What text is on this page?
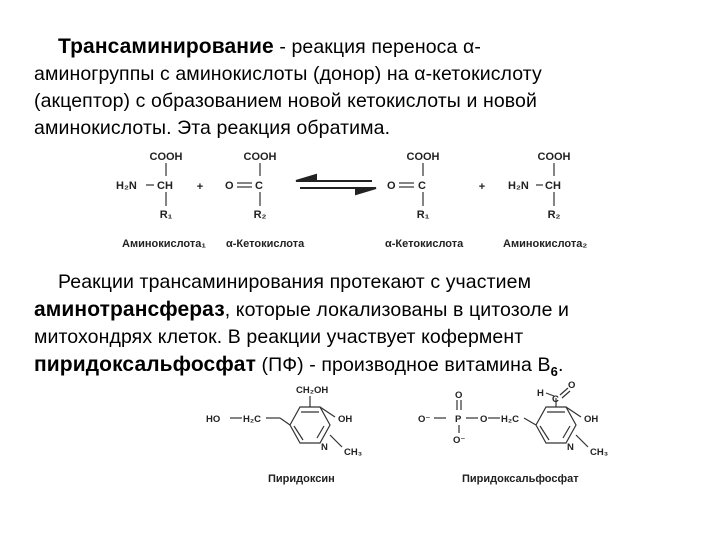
Трансаминирование - реакция переноса α-
аминогруппы с аминокислоты (донор) на α-кетокислоту
(акцептор) с образованием новой кетокислоты и новой
аминокислоты. Эта реакция обратима.
COOH
H₂N CH
R₁
+
COOH
O C
R₂
COOH
O C
R₁
+
COOH
H₂N CH
R₂
Аминокислота₁ α-Кетокислота	α-Кетокислота	Аминокислота₂
Реакции трансаминирования протекают с участием
аминотрансфераз, которые локализованы в цитозоле и
митохондрях клеток. В реакции участвует кофермент
пиридоксальфосфат (ПФ) - производное витамина $В_6$.
HO H₂C
CH₂OH
OH
N CH₃
Пиридоксин
O⁻
O
P
O⁻
O H₂C
H
C
O
OH
N CH₃
Пиридоксальфосфат
